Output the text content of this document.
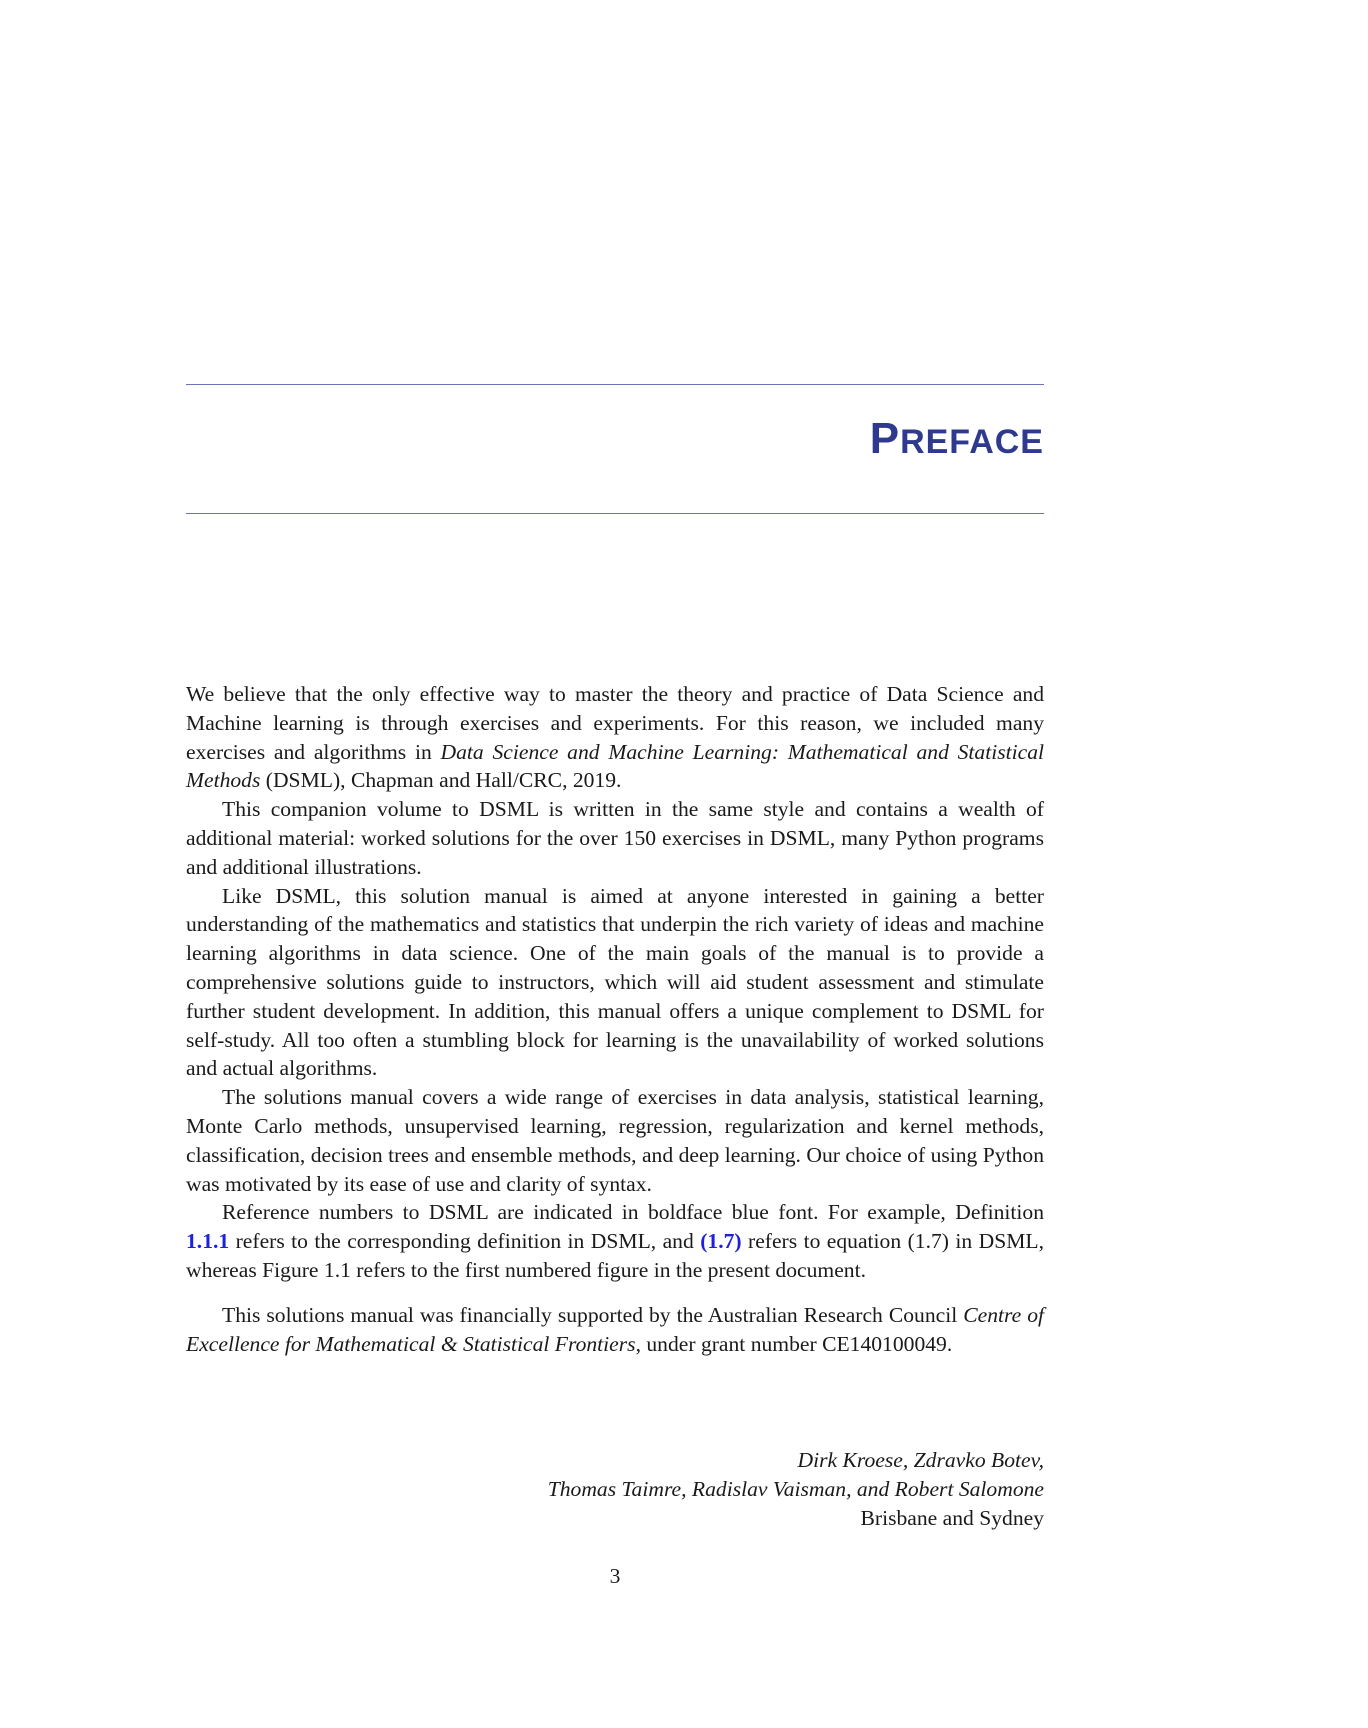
PREFACE

We believe that the only effective way to master the theory and practice of Data Science and Machine learning is through exercises and experiments. For this reason, we included many exercises and algorithms in Data Science and Machine Learning: Mathematical and Statistical Methods (DSML), Chapman and Hall/CRC, 2019.

This companion volume to DSML is written in the same style and contains a wealth of additional material: worked solutions for the over 150 exercises in DSML, many Python programs and additional illustrations.

Like DSML, this solution manual is aimed at anyone interested in gaining a better understanding of the mathematics and statistics that underpin the rich variety of ideas and machine learning algorithms in data science. One of the main goals of the manual is to provide a comprehensive solutions guide to instructors, which will aid student assessment and stimulate further student development. In addition, this manual offers a unique complement to DSML for self-study. All too often a stumbling block for learning is the unavailability of worked solutions and actual algorithms.

The solutions manual covers a wide range of exercises in data analysis, statistical learning, Monte Carlo methods, unsupervised learning, regression, regularization and kernel methods, classification, decision trees and ensemble methods, and deep learning. Our choice of using Python was motivated by its ease of use and clarity of syntax.

Reference numbers to DSML are indicated in boldface blue font. For example, Definition 1.1.1 refers to the corresponding definition in DSML, and (1.7) refers to equation (1.7) in DSML, whereas Figure 1.1 refers to the first numbered figure in the present document.

This solutions manual was financially supported by the Australian Research Council Centre of Excellence for Mathematical & Statistical Frontiers, under grant number CE140100049.

Dirk Kroese, Zdravko Botev,
Thomas Taimre, Radislav Vaisman, and Robert Salomone
Brisbane and Sydney
3
